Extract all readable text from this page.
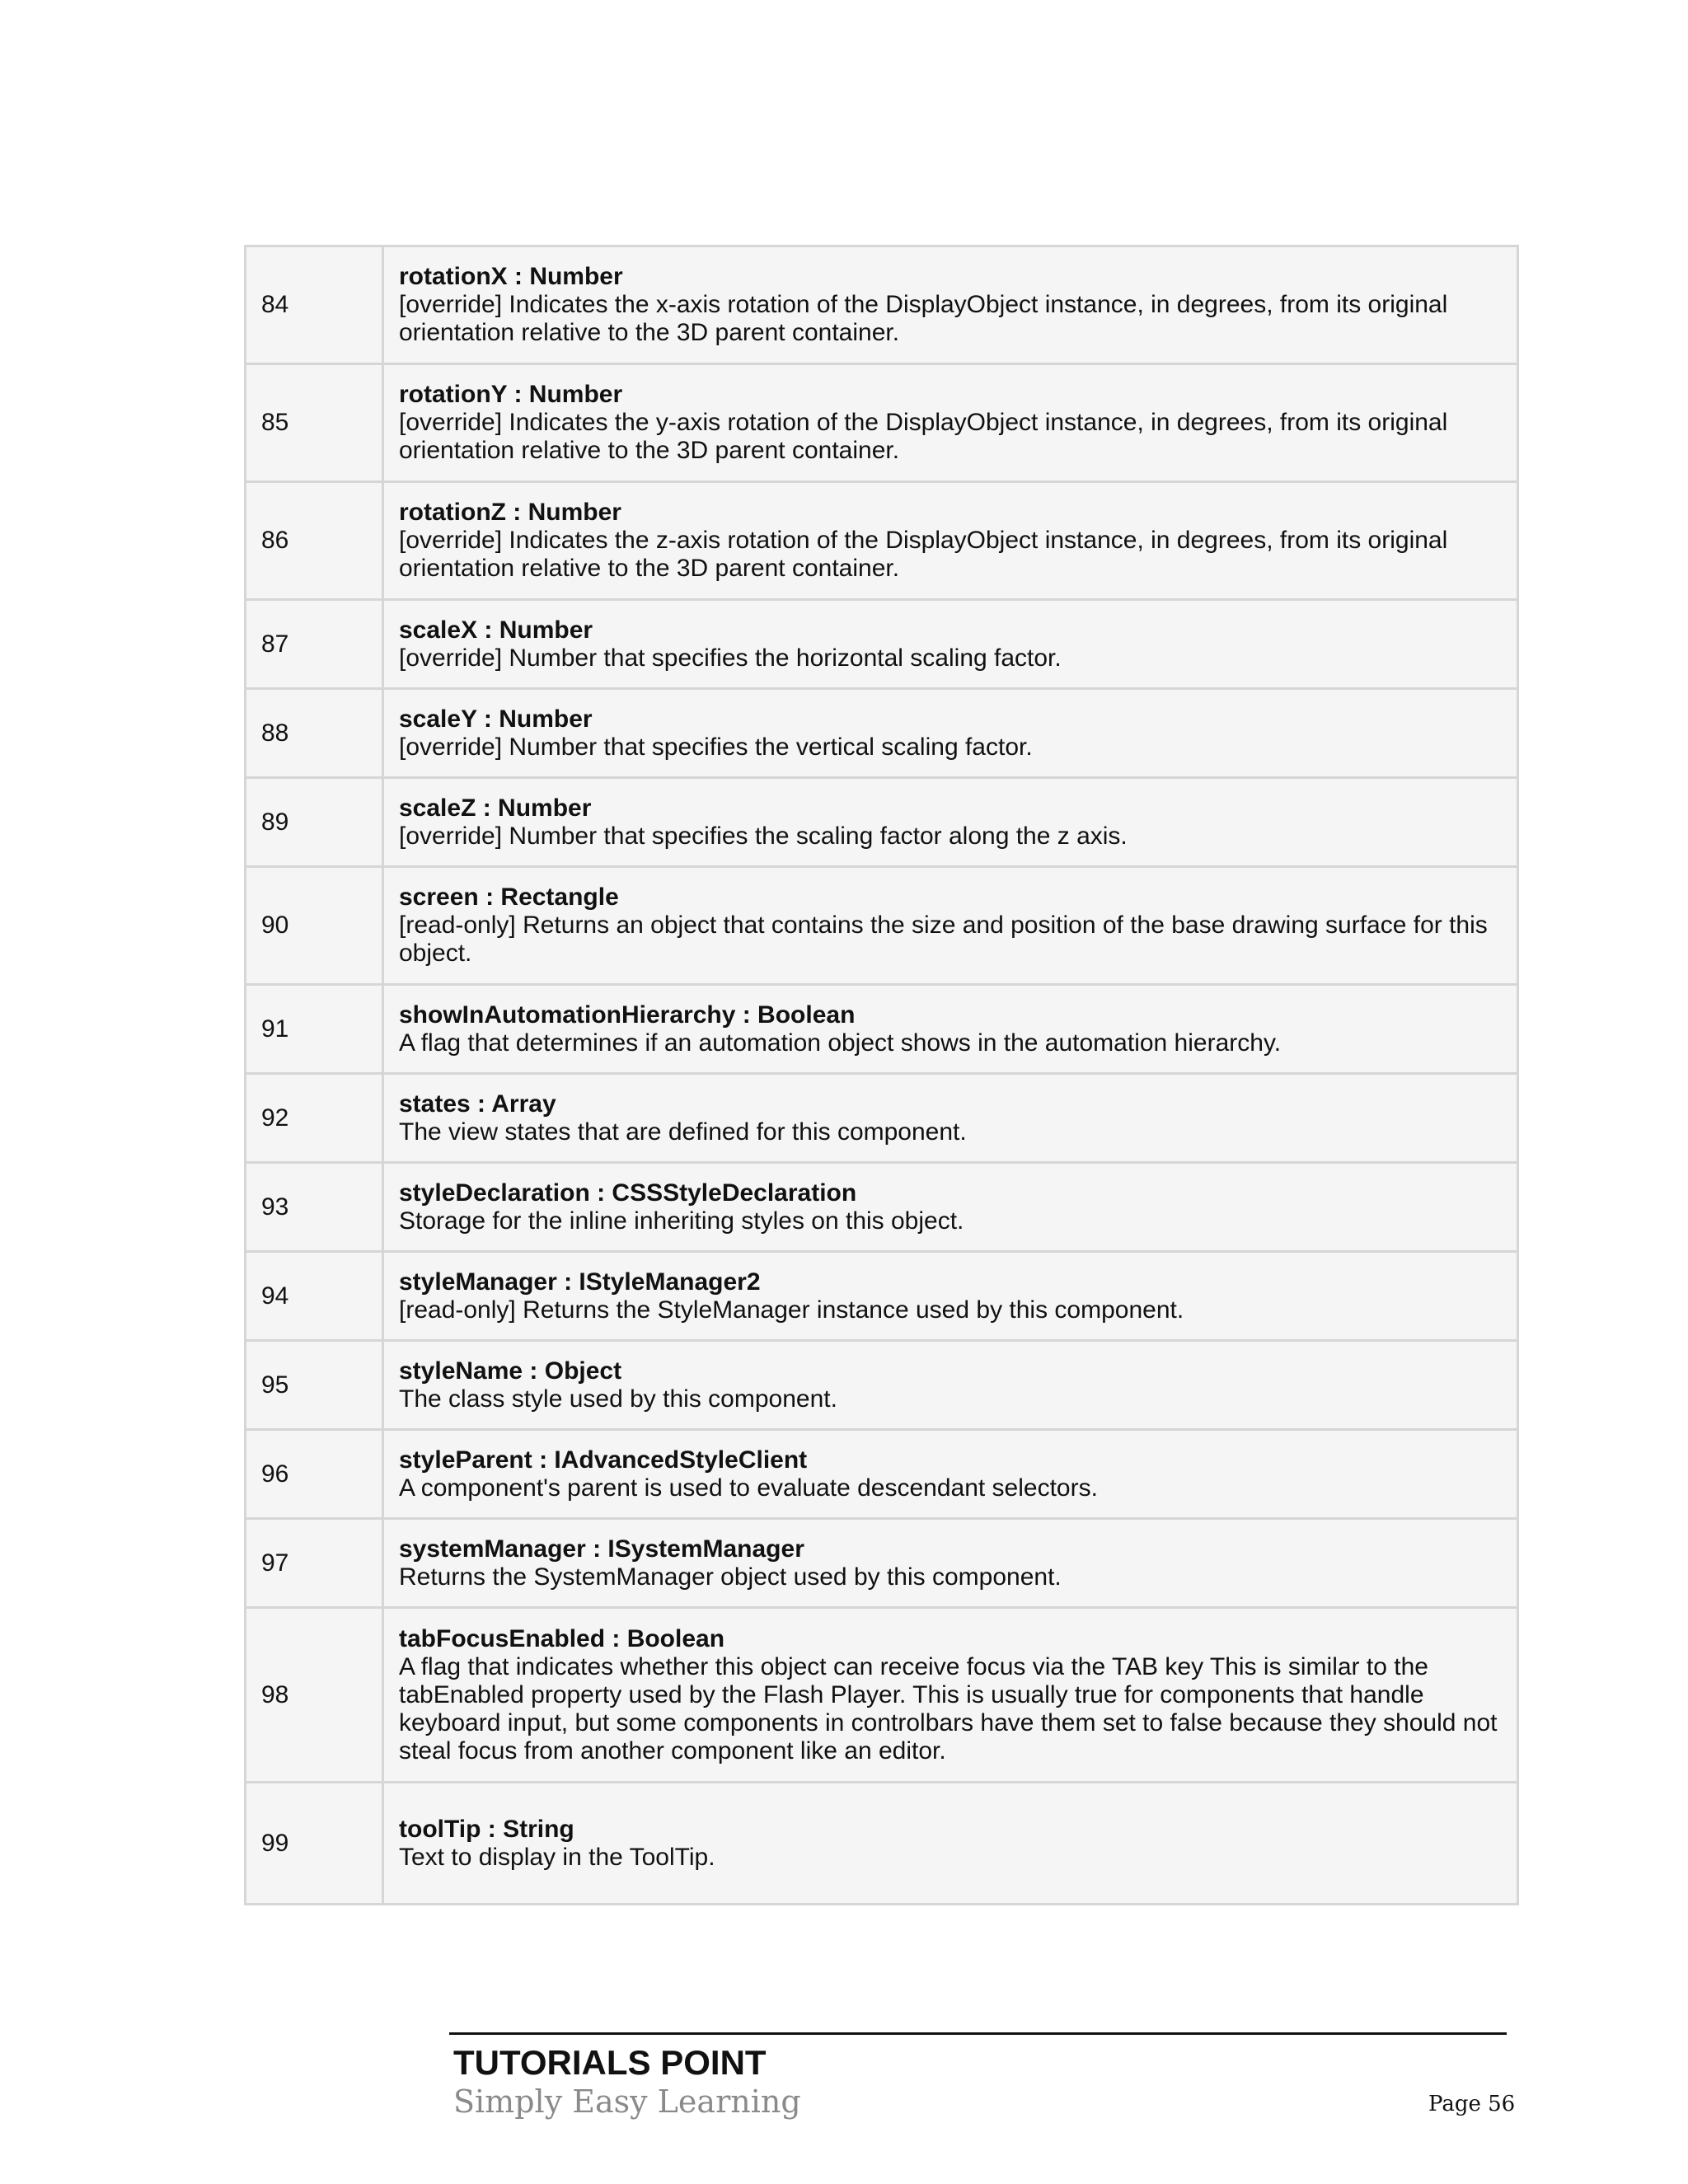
84	rotationX : Number
[override] Indicates the x-axis rotation of the DisplayObject instance, in degrees, from its original orientation relative to the 3D parent container.

85	rotationY : Number
[override] Indicates the y-axis rotation of the DisplayObject instance, in degrees, from its original orientation relative to the 3D parent container.

86	rotationZ : Number
[override] Indicates the z-axis rotation of the DisplayObject instance, in degrees, from its original orientation relative to the 3D parent container.

87	scaleX : Number
[override] Number that specifies the horizontal scaling factor.

88	scaleY : Number
[override] Number that specifies the vertical scaling factor.

89	scaleZ : Number
[override] Number that specifies the scaling factor along the z axis.

90	screen : Rectangle
[read-only] Returns an object that contains the size and position of the base drawing surface for this object.

91	showInAutomationHierarchy : Boolean
A flag that determines if an automation object shows in the automation hierarchy.

92	states : Array
The view states that are defined for this component.

93	styleDeclaration : CSSStyleDeclaration
Storage for the inline inheriting styles on this object.

94	styleManager : IStyleManager2
[read-only] Returns the StyleManager instance used by this component.

95	styleName : Object
The class style used by this component.

96	styleParent : IAdvancedStyleClient
A component's parent is used to evaluate descendant selectors.

97	systemManager : ISystemManager
Returns the SystemManager object used by this component.

98	tabFocusEnabled : Boolean
A flag that indicates whether this object can receive focus via the TAB key This is similar to the tabEnabled property used by the Flash Player. This is usually true for components that handle keyboard input, but some components in controlbars have them set to false because they should not steal focus from another component like an editor.

99	toolTip : String
Text to display in the ToolTip.
TUTORIALS POINT
Simply Easy Learning	Page 56
